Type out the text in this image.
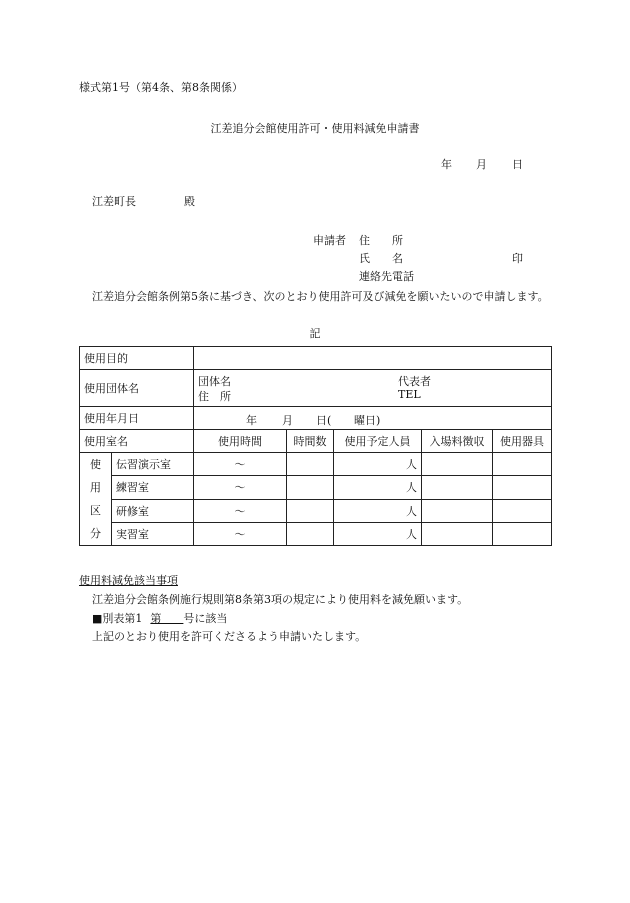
様式第1号（第4条、第8条関係）
江差追分会館使用許可・使用料減免申請書
年 月 日
江差町長	殿
申請者 住　　所
氏　　名	印
連絡先電話
江差追分会館条例第5条に基づき、次のとおり使用許可及び減免を願いたいので申請します。
記
使用目的						
使用団体名		団体名
住　所
代表者
TEL				

使用年月日		年 月 日( 曜日)				

使用室名		使用時間	時間数	使用予定人員	入場料徴収	使用器具

使
用
区
分	伝習演示室	〜		人		
	練習室	〜		人		
	研修室	〜		人		
	実習室	〜		人		
使用料減免該当事項
江差追分会館条例施行規則第8条第3項の規定により使用料を減免願います。
■別表第1 第　　号に該当
上記のとおり使用を許可くださるよう申請いたします。
